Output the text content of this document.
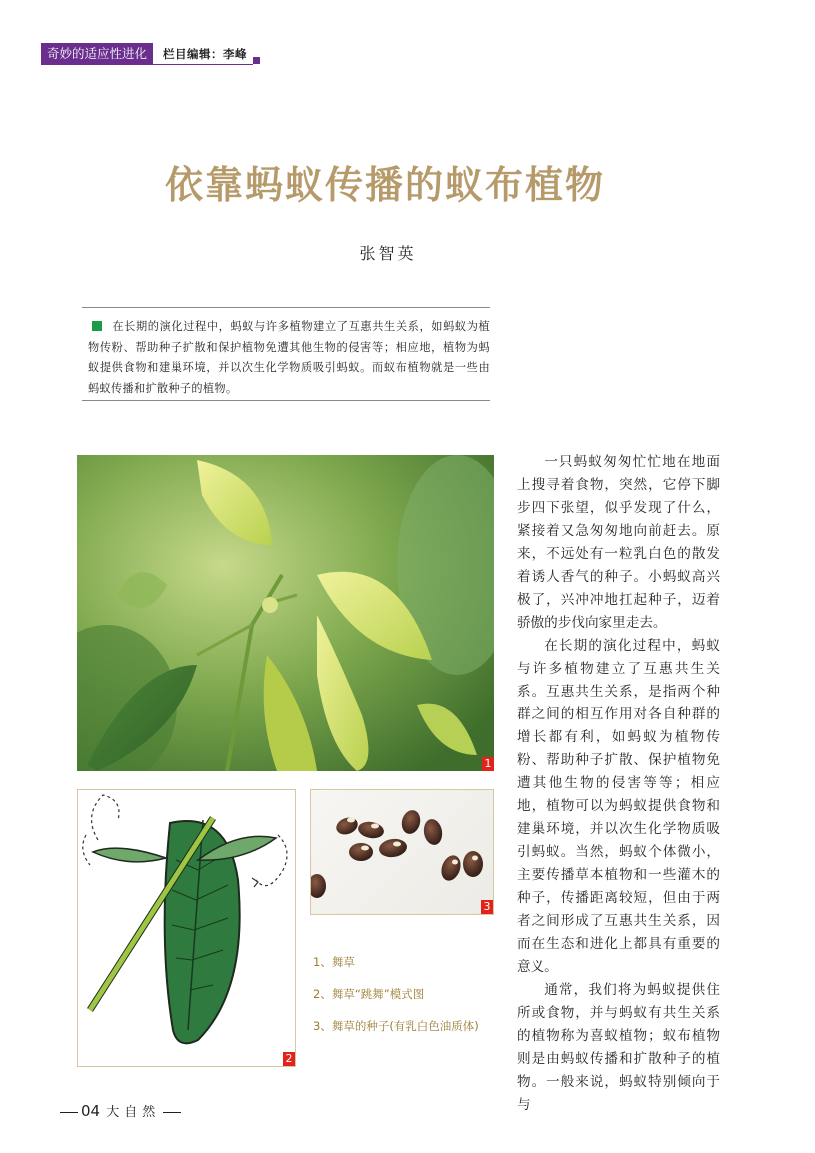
奇妙的适应性进化	栏目编辑：李峰
依靠蚂蚁传播的蚁布植物
张智英
在长期的演化过程中，蚂蚁与许多植物建立了互惠共生关系，如蚂蚁为植物传粉、帮助种子扩散和保护植物免遭其他生物的侵害等；相应地，植物为蚂蚁提供食物和建巢环境，并以次生化学物质吸引蚂蚁。而蚁布植物就是一些由蚂蚁传播和扩散种子的植物。
1
2
3
1、舞草
2、舞草“跳舞”模式图
3、舞草的种子(有乳白色油质体)

一只蚂蚁匆匆忙忙地在地面上搜寻着食物，突然，它停下脚步四下张望，似乎发现了什么，紧接着又急匆匆地向前赶去。原来，不远处有一粒乳白色的散发着诱人香气的种子。小蚂蚁高兴极了，兴冲冲地扛起种子，迈着骄傲的步伐向家里走去。

在长期的演化过程中，蚂蚁与许多植物建立了互惠共生关系。互惠共生关系，是指两个种群之间的相互作用对各自种群的增长都有利，如蚂蚁为植物传粉、帮助种子扩散、保护植物免遭其他生物的侵害等等；相应地，植物可以为蚂蚁提供食物和建巢环境，并以次生化学物质吸引蚂蚁。当然，蚂蚁个体微小，主要传播草本植物和一些灌木的种子，传播距离较短，但由于两者之间形成了互惠共生关系，因而在生态和进化上都具有重要的意义。

通常，我们将为蚂蚁提供住所或食物，并与蚂蚁有共生关系的植物称为喜蚁植物；蚁布植物则是由蚂蚁传播和扩散种子的植物。一般来说，蚂蚁特别倾向于与

04 大自然
